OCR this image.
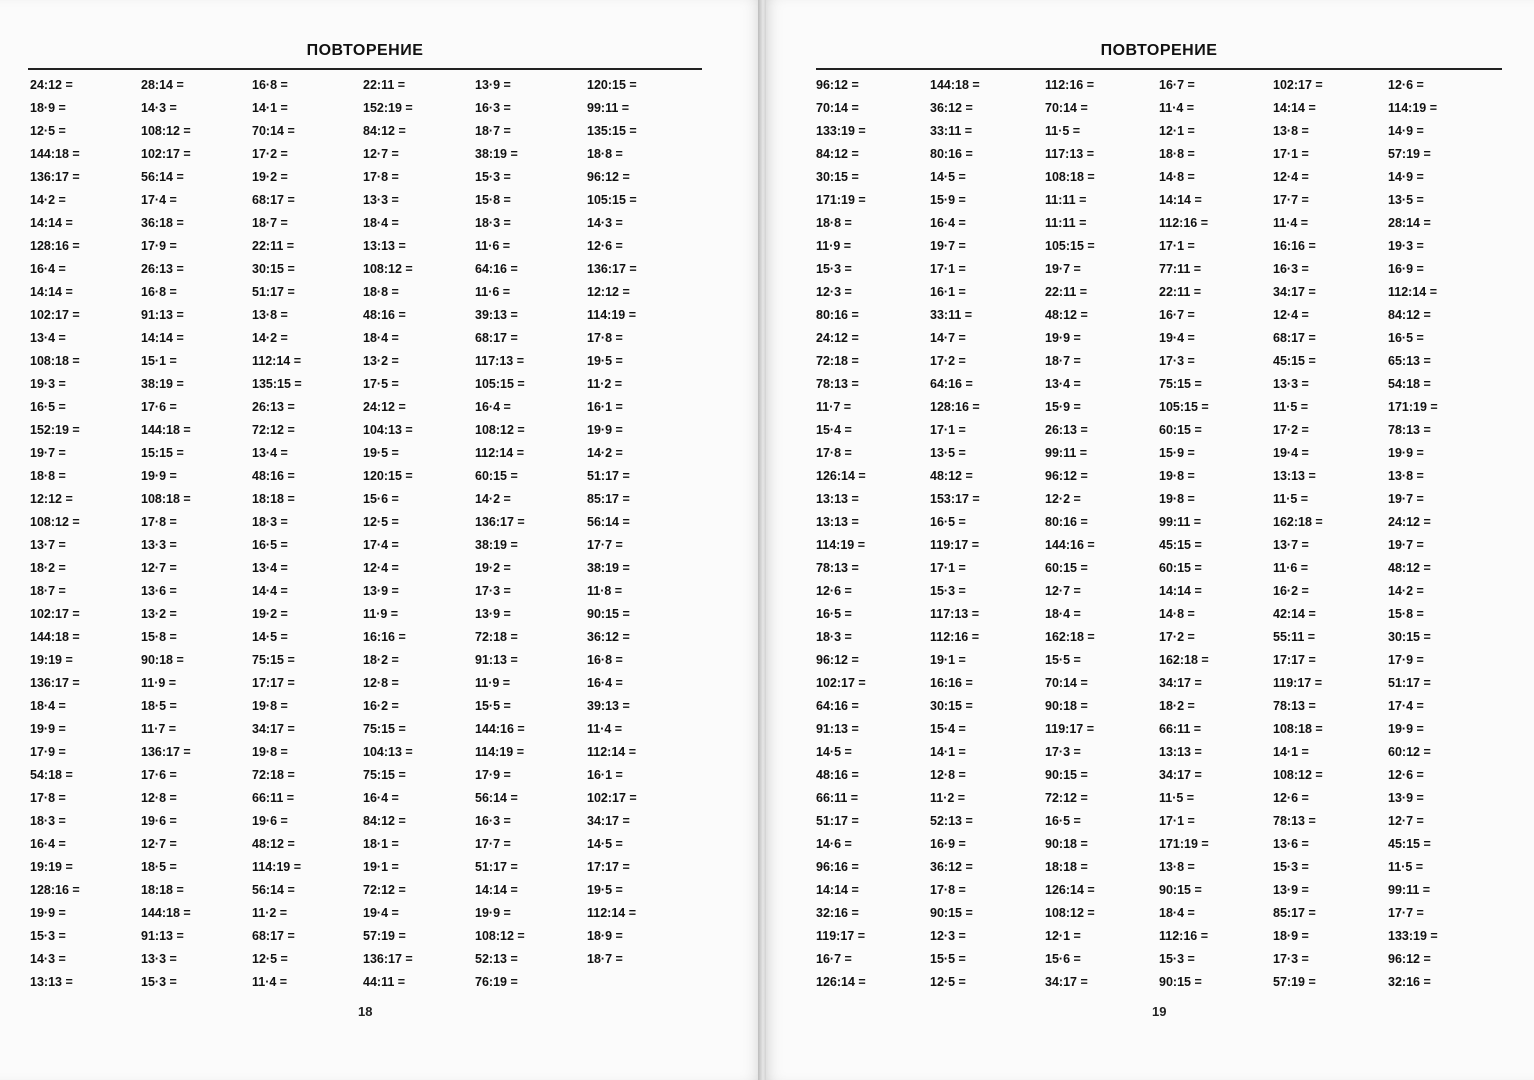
ПОВТОРЕНИЕ
24:12 =
18·9 =
12·5 =
144:18 =
136:17 =
14·2 =
14:14 =
128:16 =
16·4 =
14:14 =
102:17 =
13·4 =
108:18 =
19·3 =
16·5 =
152:19 =
19·7 =
18·8 =
12:12 =
108:12 =
13·7 =
18·2 =
18·7 =
102:17 =
144:18 =
19:19 =
136:17 =
18·4 =
19·9 =
17·9 =
54:18 =
17·8 =
18·3 =
16·4 =
19:19 =
128:16 =
19·9 =
15·3 =
14·3 =
13:13 =
28:14 =
14·3 =
108:12 =
102:17 =
56:14 =
17·4 =
36:18 =
17·9 =
26:13 =
16·8 =
91:13 =
14:14 =
15·1 =
38:19 =
17·6 =
144:18 =
15:15 =
19·9 =
108:18 =
17·8 =
13·3 =
12·7 =
13·6 =
13·2 =
15·8 =
90:18 =
11·9 =
18·5 =
11·7 =
136:17 =
17·6 =
12·8 =
19·6 =
12·7 =
18·5 =
18:18 =
144:18 =
91:13 =
13·3 =
15·3 =
16·8 =
14·1 =
70:14 =
17·2 =
19·2 =
68:17 =
18·7 =
22:11 =
30:15 =
51:17 =
13·8 =
14·2 =
112:14 =
135:15 =
26:13 =
72:12 =
13·4 =
48:16 =
18:18 =
18·3 =
16·5 =
13·4 =
14·4 =
19·2 =
14·5 =
75:15 =
17:17 =
19·8 =
34:17 =
19·8 =
72:18 =
66:11 =
19·6 =
48:12 =
114:19 =
56:14 =
11·2 =
68:17 =
12·5 =
11·4 =
22:11 =
152:19 =
84:12 =
12·7 =
17·8 =
13·3 =
18·4 =
13:13 =
108:12 =
18·8 =
48:16 =
18·4 =
13·2 =
17·5 =
24:12 =
104:13 =
19·5 =
120:15 =
15·6 =
12·5 =
17·4 =
12·4 =
13·9 =
11·9 =
16:16 =
18·2 =
12·8 =
16·2 =
75:15 =
104:13 =
75:15 =
16·4 =
84:12 =
18·1 =
19·1 =
72:12 =
19·4 =
57:19 =
136:17 =
44:11 =
13·9 =
16·3 =
18·7 =
38:19 =
15·3 =
15·8 =
18·3 =
11·6 =
64:16 =
11·6 =
39:13 =
68:17 =
117:13 =
105:15 =
16·4 =
108:12 =
112:14 =
60:15 =
14·2 =
136:17 =
38:19 =
19·2 =
17·3 =
13·9 =
72:18 =
91:13 =
11·9 =
15·5 =
144:16 =
114:19 =
17·9 =
56:14 =
16·3 =
17·7 =
51:17 =
14:14 =
19·9 =
108:12 =
52:13 =
76:19 =
120:15 =
99:11 =
135:15 =
18·8 =
96:12 =
105:15 =
14·3 =
12·6 =
136:17 =
12:12 =
114:19 =
17·8 =
19·5 =
11·2 =
16·1 =
19·9 =
14·2 =
51:17 =
85:17 =
56:14 =
17·7 =
38:19 =
11·8 =
90:15 =
36:12 =
16·8 =
16·4 =
39:13 =
11·4 =
112:14 =
16·1 =
102:17 =
34:17 =
14·5 =
17:17 =
19·5 =
112:14 =
18·9 =
18·7 =
18
ПОВТОРЕНИЕ
96:12 =
70:14 =
133:19 =
84:12 =
30:15 =
171:19 =
18·8 =
11·9 =
15·3 =
12·3 =
80:16 =
24:12 =
72:18 =
78:13 =
11·7 =
15·4 =
17·8 =
126:14 =
13:13 =
13:13 =
114:19 =
78:13 =
12·6 =
16·5 =
18·3 =
96:12 =
102:17 =
64:16 =
91:13 =
14·5 =
48:16 =
66:11 =
51:17 =
14·6 =
96:16 =
14:14 =
32:16 =
119:17 =
16·7 =
126:14 =
144:18 =
36:12 =
33:11 =
80:16 =
14·5 =
15·9 =
16·4 =
19·7 =
17·1 =
16·1 =
33:11 =
14·7 =
17·2 =
64:16 =
128:16 =
17·1 =
13·5 =
48:12 =
153:17 =
16·5 =
119:17 =
17·1 =
15·3 =
117:13 =
112:16 =
19·1 =
16:16 =
30:15 =
15·4 =
14·1 =
12·8 =
11·2 =
52:13 =
16·9 =
36:12 =
17·8 =
90:15 =
12·3 =
15·5 =
12·5 =
112:16 =
70:14 =
11·5 =
117:13 =
108:18 =
11:11 =
11:11 =
105:15 =
19·7 =
22:11 =
48:12 =
19·9 =
18·7 =
13·4 =
15·9 =
26:13 =
99:11 =
96:12 =
12·2 =
80:16 =
144:16 =
60:15 =
12·7 =
18·4 =
162:18 =
15·5 =
70:14 =
90:18 =
119:17 =
17·3 =
90:15 =
72:12 =
16·5 =
90:18 =
18:18 =
126:14 =
108:12 =
12·1 =
15·6 =
34:17 =
16·7 =
11·4 =
12·1 =
18·8 =
14·8 =
14:14 =
112:16 =
17·1 =
77:11 =
22:11 =
16·7 =
19·4 =
17·3 =
75:15 =
105:15 =
60:15 =
15·9 =
19·8 =
19·8 =
99:11 =
45:15 =
60:15 =
14:14 =
14·8 =
17·2 =
162:18 =
34:17 =
18·2 =
66:11 =
13:13 =
34:17 =
11·5 =
17·1 =
171:19 =
13·8 =
90:15 =
18·4 =
112:16 =
15·3 =
90:15 =
102:17 =
14:14 =
13·8 =
17·1 =
12·4 =
17·7 =
11·4 =
16:16 =
16·3 =
34:17 =
12·4 =
68:17 =
45:15 =
13·3 =
11·5 =
17·2 =
19·4 =
13:13 =
11·5 =
162:18 =
13·7 =
11·6 =
16·2 =
42:14 =
55:11 =
17:17 =
119:17 =
78:13 =
108:18 =
14·1 =
108:12 =
12·6 =
78:13 =
13·6 =
15·3 =
13·9 =
85:17 =
18·9 =
17·3 =
57:19 =
12·6 =
114:19 =
14·9 =
57:19 =
14·9 =
13·5 =
28:14 =
19·3 =
16·9 =
112:14 =
84:12 =
16·5 =
65:13 =
54:18 =
171:19 =
78:13 =
19·9 =
13·8 =
19·7 =
24:12 =
19·7 =
48:12 =
14·2 =
15·8 =
30:15 =
17·9 =
51:17 =
17·4 =
19·9 =
60:12 =
12·6 =
13·9 =
12·7 =
45:15 =
11·5 =
99:11 =
17·7 =
133:19 =
96:12 =
32:16 =
19
